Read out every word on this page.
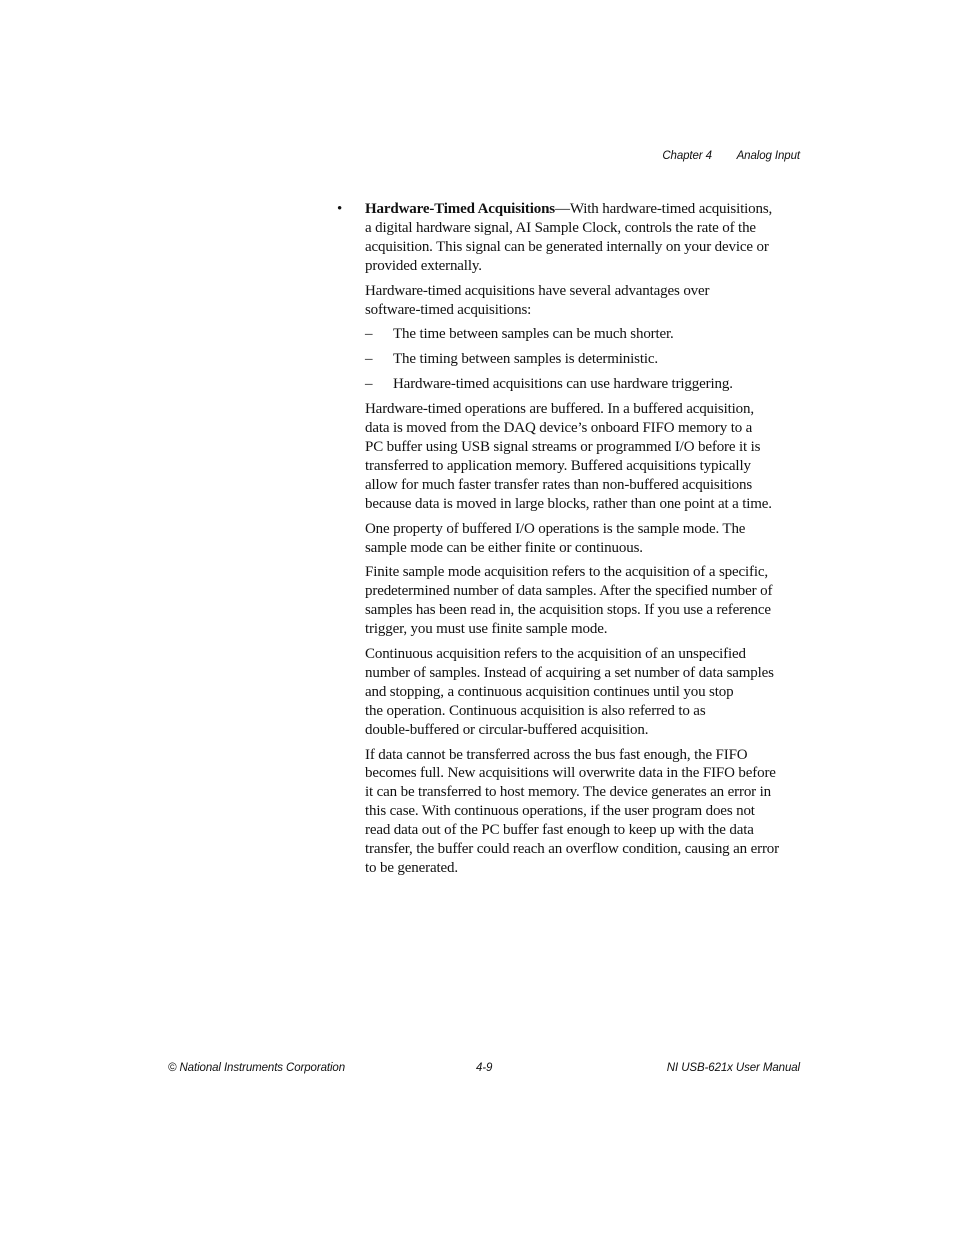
Chapter 4 Analog Input
• Hardware-Timed Acquisitions—With hardware-timed acquisitions,
a digital hardware signal, AI Sample Clock, controls the rate of the
acquisition. This signal can be generated internally on your device or
provided externally.
Hardware-timed acquisitions have several advantages over
software-timed acquisitions:
–	The time between samples can be much shorter.
–	The timing between samples is deterministic.
–	Hardware-timed acquisitions can use hardware triggering.
Hardware-timed operations are buffered. In a buffered acquisition,
data is moved from the DAQ device’s onboard FIFO memory to a
PC buffer using USB signal streams or programmed I/O before it is
transferred to application memory. Buffered acquisitions typically
allow for much faster transfer rates than non-buffered acquisitions
because data is moved in large blocks, rather than one point at a time.
One property of buffered I/O operations is the sample mode. The
sample mode can be either finite or continuous.
Finite sample mode acquisition refers to the acquisition of a specific,
predetermined number of data samples. After the specified number of
samples has been read in, the acquisition stops. If you use a reference
trigger, you must use finite sample mode.
Continuous acquisition refers to the acquisition of an unspecified
number of samples. Instead of acquiring a set number of data samples
and stopping, a continuous acquisition continues until you stop
the operation. Continuous acquisition is also referred to as
double-buffered or circular-buffered acquisition.
If data cannot be transferred across the bus fast enough, the FIFO
becomes full. New acquisitions will overwrite data in the FIFO before
it can be transferred to host memory. The device generates an error in
this case. With continuous operations, if the user program does not
read data out of the PC buffer fast enough to keep up with the data
transfer, the buffer could reach an overflow condition, causing an error
to be generated.
© National Instruments Corporation	4-9	NI USB-621x User Manual
